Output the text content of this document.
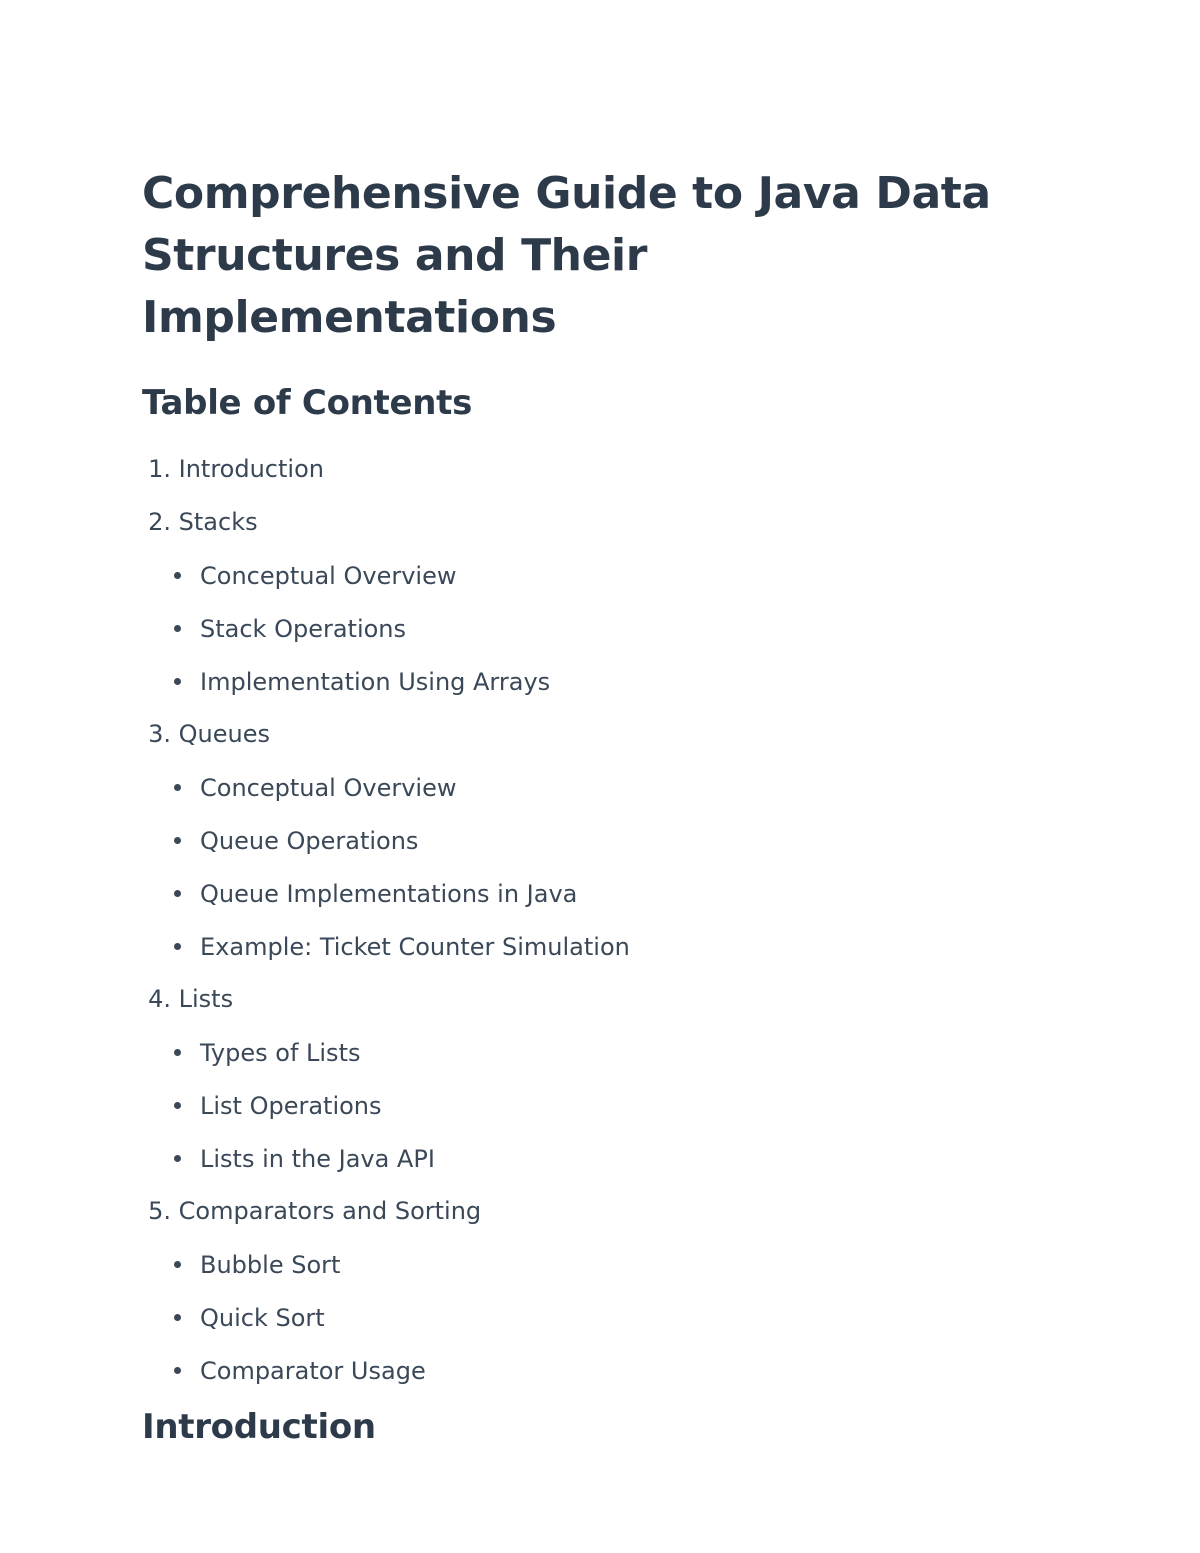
Comprehensive Guide to Java Data Structures and Their Implementations
Table of Contents
1.
Introduction
2.
Stacks
Conceptual Overview
Stack Operations
Implementation Using Arrays
3.
Queues
Conceptual Overview
Queue Operations
Queue Implementations in Java
Example: Ticket Counter Simulation
4.
Lists
Types of Lists
List Operations
Lists in the Java API
5.
Comparators and Sorting
Bubble Sort
Quick Sort
Comparator Usage
Introduction
